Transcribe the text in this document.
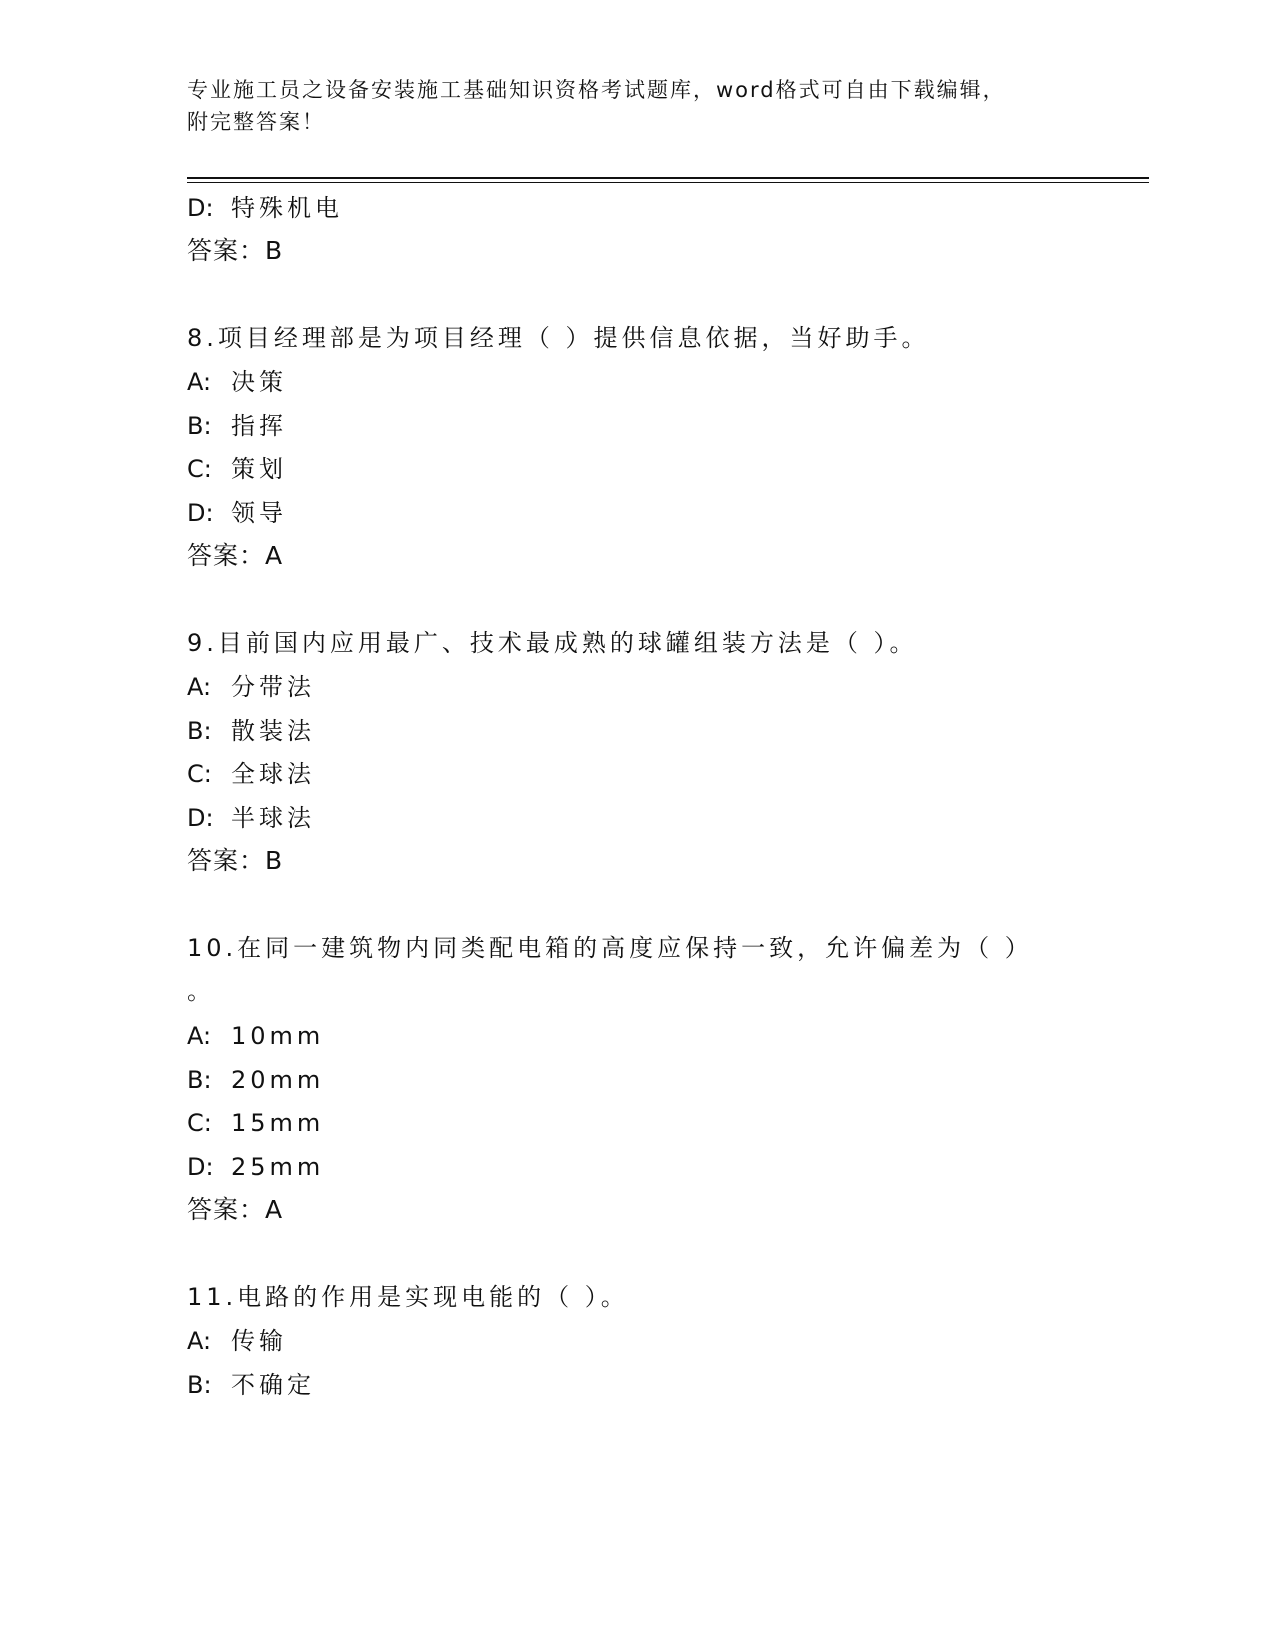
专业施工员之设备安装施工基础知识资格考试题库，word格式可自由下载编辑，
附完整答案！
D: 特殊机电
答案：B
8.项目经理部是为项目经理（ ）提供信息依据，当好助手。
A: 决策
B: 指挥
C: 策划
D: 领导
答案：A
9.目前国内应用最广、技术最成熟的球罐组装方法是（ ）。
A: 分带法
B: 散装法
C: 全球法
D: 半球法
答案：B
10.在同一建筑物内同类配电箱的高度应保持一致，允许偏差为（ ）
。
A: 10mm
B: 20mm
C: 15mm
D: 25mm
答案：A
11.电路的作用是实现电能的（ ）。
A: 传输
B: 不确定
